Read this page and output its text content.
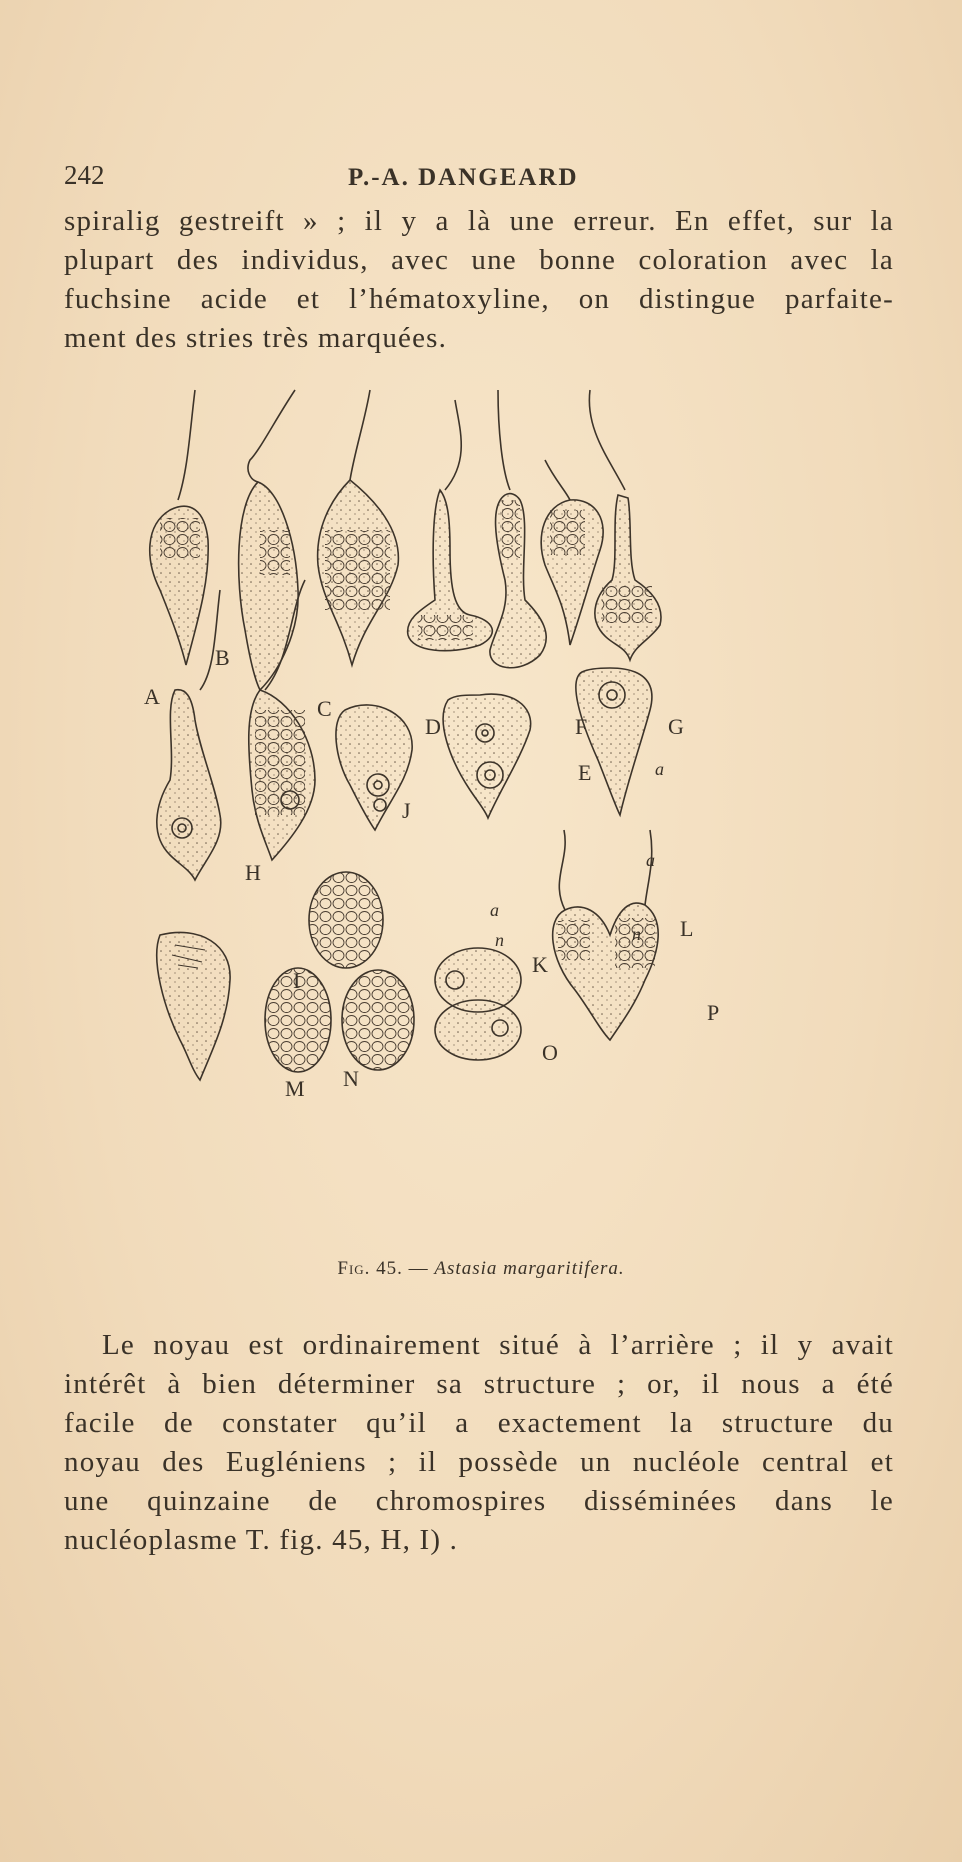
242	P.-A. DANGEARD
spiralig gestreift » ; il y a là une erreur. En effet, sur la
plupart des individus, avec une bonne coloration avec la
fuchsine acide et l’hématoxyline, on distingue parfaite-
ment des stries très marquées.
A
B
C
D	F	G
E	a
H
I
J
a
n
K
a
n L
M N
O
P
Fig. 45. — Astasia margaritifera.
Le noyau est ordinairement situé à l’arrière ; il y avait
intérêt à bien déterminer sa structure ; or, il nous a été
facile de constater qu’il a exactement la structure du
noyau des Eugléniens ; il possède un nucléole central et
une quinzaine de chromospires disséminées dans le
nucléoplasme T. fig. 45, H, I) .
